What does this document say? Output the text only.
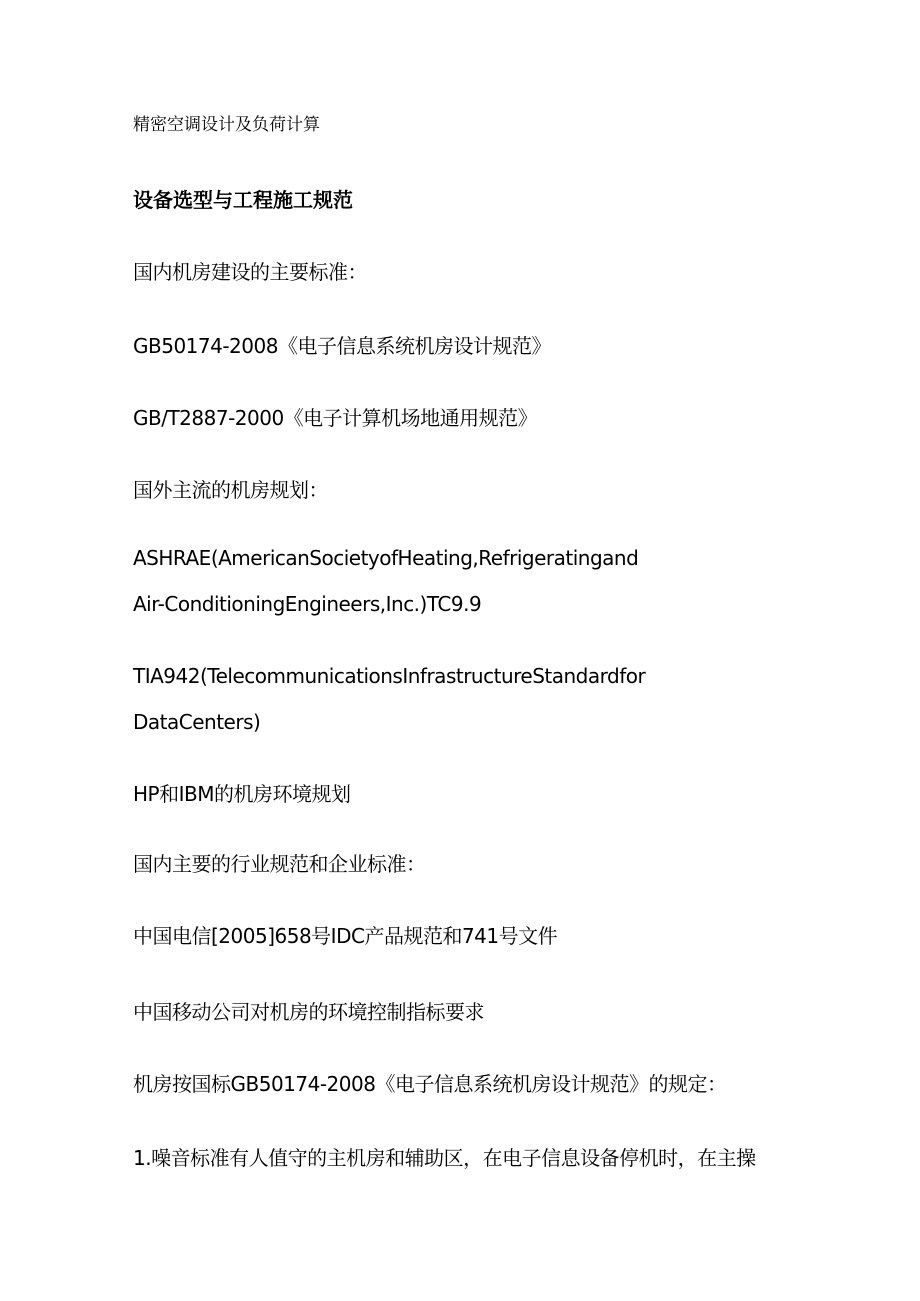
精密空调设计及负荷计算
设备选型与工程施工规范
国内机房建设的主要标准：
GB50174-2008《电子信息系统机房设计规范》
GB/T2887-2000《电子计算机场地通用规范》
国外主流的机房规划：
ASHRAE(AmericanSocietyofHeating,Refrigeratingand
Air-ConditioningEngineers,Inc.)TC9.9
TIA942(TelecommunicationsInfrastructureStandardfor
DataCenters)
HP和IBM的机房环境规划
国内主要的行业规范和企业标准：
中国电信[2005]658号IDC产品规范和741号文件
中国移动公司对机房的环境控制指标要求
机房按国标GB50174-2008《电子信息系统机房设计规范》的规定：
1.噪音标准有人值守的主机房和辅助区，在电子信息设备停机时，在主操
